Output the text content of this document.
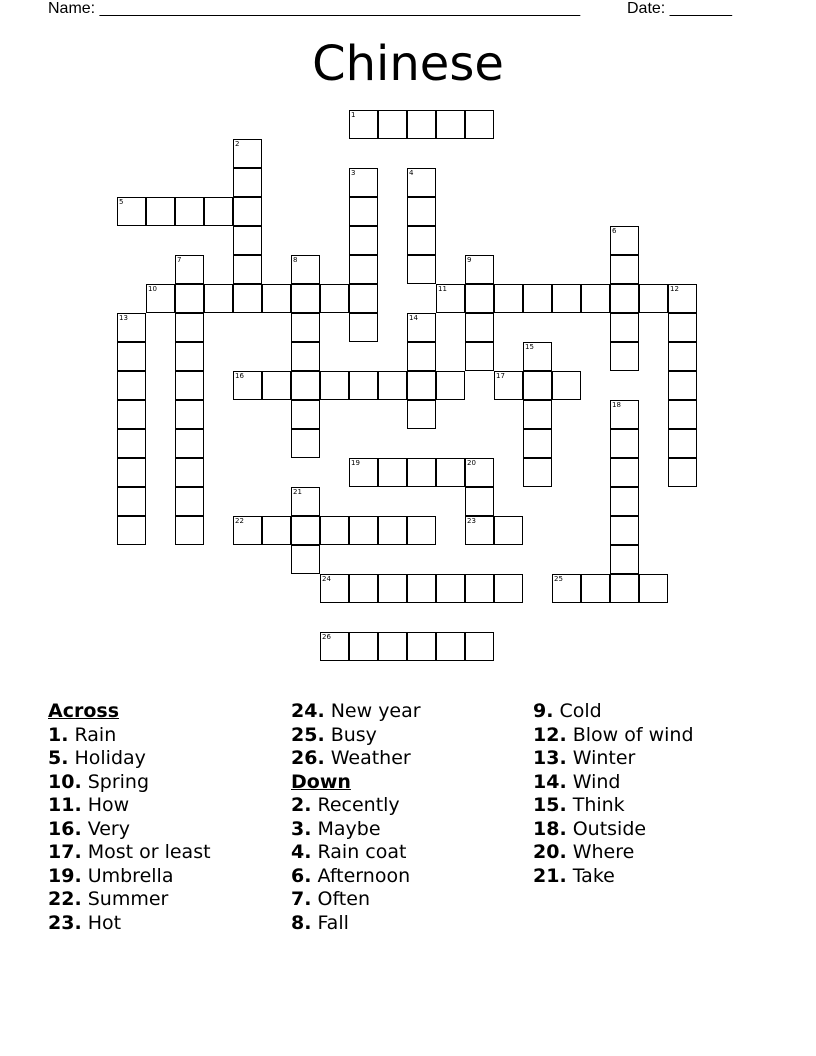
Name: ______________________________________________________	Date: _______
Chinese
1
2
3	4
5
6
7	8	9
10	11	12
13	14
15
16	17
18
19	20
21
22	23
24	25
26
Across
1. Rain
5. Holiday
10. Spring
11. How
16. Very
17. Most or least
19. Umbrella
22. Summer
23. Hot
24. New year
25. Busy
26. Weather
Down
2. Recently
3. Maybe
4. Rain coat
6. Afternoon
7. Often
8. Fall
9. Cold
12. Blow of wind
13. Winter
14. Wind
15. Think
18. Outside
20. Where
21. Take
